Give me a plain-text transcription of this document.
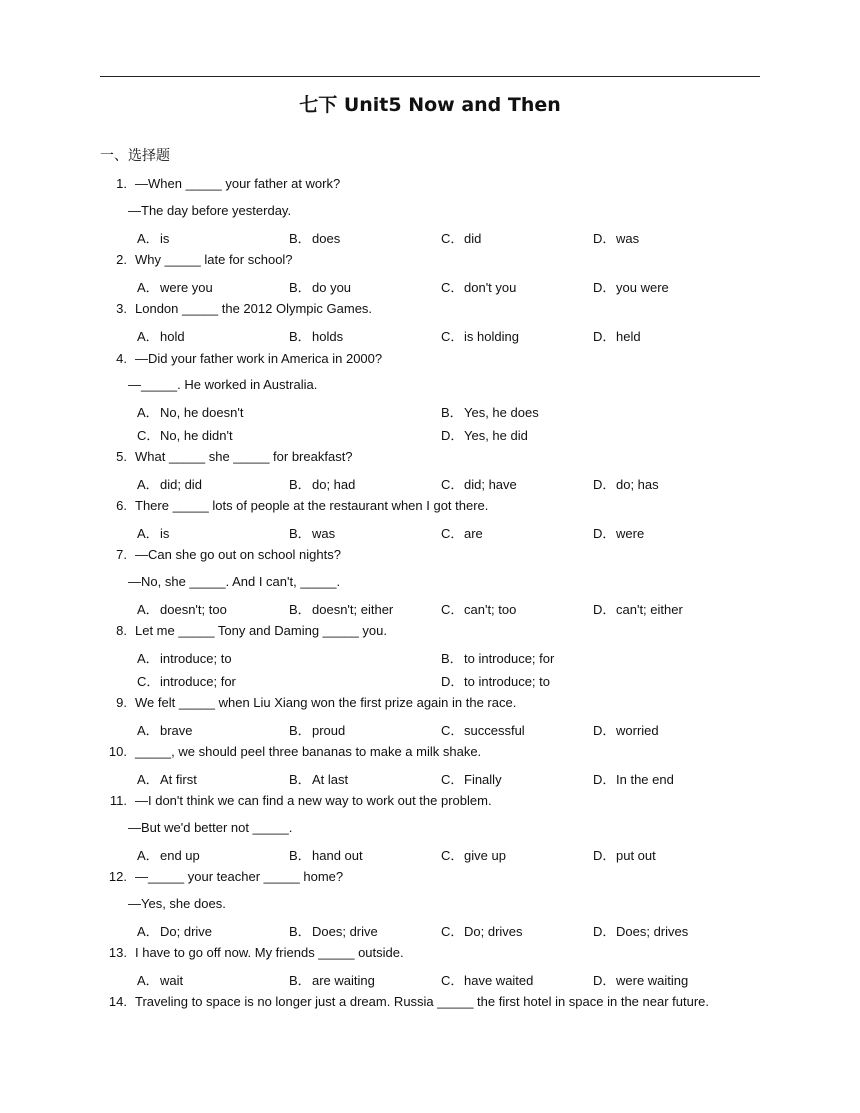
七下 Unit5 Now and Then
一、选择题
1. —When _____ your father at work?
—The day before yesterday.
A．is	B．does	C．did	D．was
2. Why _____ late for school?
A．were you	B．do you	C．don't you	D．you were
3. London _____ the 2012 Olympic Games.
A．hold	B．holds	C．is holding	D．held
4. —Did your father work in America in 2000?
—_____. He worked in Australia.
A．No, he doesn't	B．Yes, he does
C．No, he didn't	D．Yes, he did
5. What _____ she _____ for breakfast?
A．did; did	B．do; had	C．did; have	D．do; has
6. There _____ lots of people at the restaurant when I got there.
A．is	B．was	C．are	D．were
7. —Can she go out on school nights?
—No, she _____. And I can't, _____.
A．doesn't; too	B．doesn't; either	C．can't; too	D．can't; either
8. Let me _____ Tony and Daming _____ you.
A．introduce; to	B．to introduce; for
C．introduce; for	D．to introduce; to
9. We felt _____ when Liu Xiang won the first prize again in the race.
A．brave	B．proud	C．successful	D．worried
10. _____, we should peel three bananas to make a milk shake.
A．At first	B．At last	C．Finally	D．In the end
11. —I don't think we can find a new way to work out the problem.
—But we'd better not _____.
A．end up	B．hand out	C．give up	D．put out
12. —_____ your teacher _____ home?
—Yes, she does.
A．Do; drive	B．Does; drive	C．Do; drives	D．Does; drives
13. I have to go off now. My friends _____ outside.
A．wait	B．are waiting	C．have waited	D．were waiting
14. Traveling to space is no longer just a dream. Russia _____ the first hotel in space in the near future.
